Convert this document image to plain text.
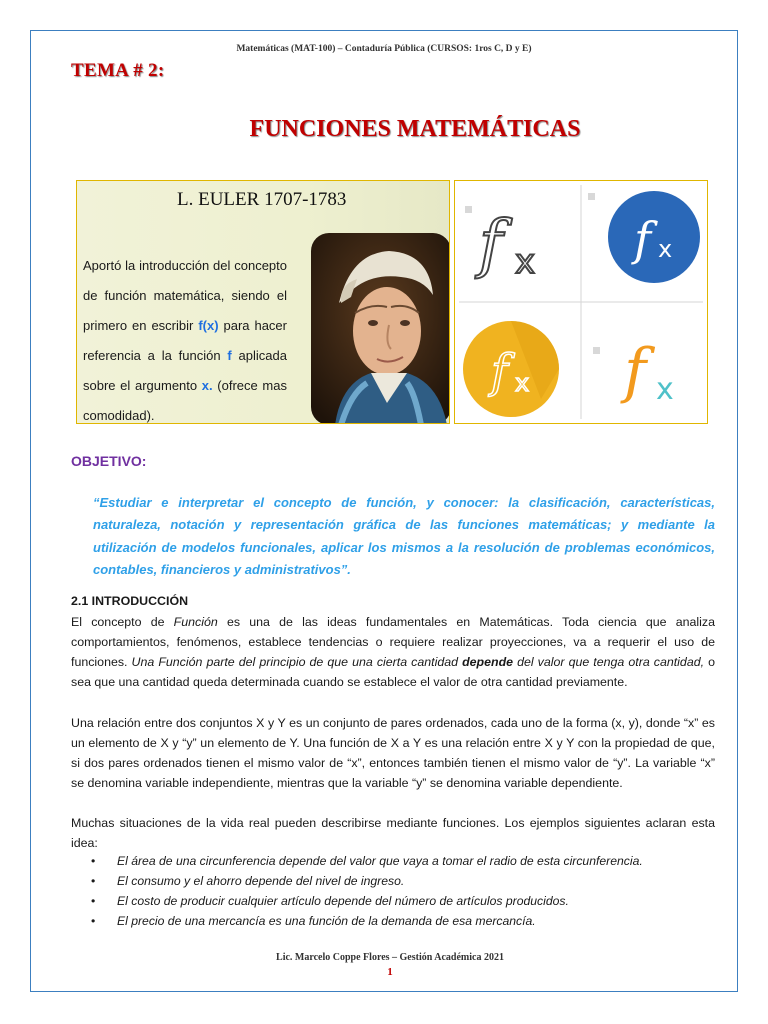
Matemáticas (MAT-100) – Contaduría Pública (CURSOS: 1ros C, D y E)
TEMA # 2:
FUNCIONES MATEMÁTICAS
L. EULER 1707-1783
Aportó la introducción del concepto de función matemática, siendo el primero en escribir f(x) para hacer referencia a la función f aplicada sobre el argumento x. (ofrece mas comodidad).
f x f x
f x f x
OBJETIVO:
“Estudiar e interpretar el concepto de función, y conocer: la clasificación, características, naturaleza, notación y representación gráfica de las funciones matemáticas; y mediante la utilización de modelos funcionales, aplicar los mismos a la resolución de problemas económicos, contables, financieros y administrativos”.
2.1 INTRODUCCIÓN
El concepto de Función es una de las ideas fundamentales en Matemáticas. Toda ciencia que analiza comportamientos, fenómenos, establece tendencias o requiere realizar proyecciones, va a requerir el uso de funciones. Una Función parte del principio de que una cierta cantidad depende del valor que tenga otra cantidad, o sea que una cantidad queda determinada cuando se establece el valor de otra cantidad previamente.
Una relación entre dos conjuntos X y Y es un conjunto de pares ordenados, cada uno de la forma (x, y), donde “x” es un elemento de X y “y” un elemento de Y. Una función de X a Y es una relación entre X y Y con la propiedad de que, si dos pares ordenados tienen el mismo valor de “x”, entonces también tienen el mismo valor de “y”. La variable “x” se denomina variable independiente, mientras que la variable “y” se denomina variable dependiente.
Muchas situaciones de la vida real pueden describirse mediante funciones. Los ejemplos siguientes aclaran esta idea:
• El área de una circunferencia depende del valor que vaya a tomar el radio de esta circunferencia.
• El consumo y el ahorro depende del nivel de ingreso.
• El costo de producir cualquier artículo depende del número de artículos producidos.
• El precio de una mercancía es una función de la demanda de esa mercancía.
Lic. Marcelo Coppe Flores – Gestión Académica 2021
1
